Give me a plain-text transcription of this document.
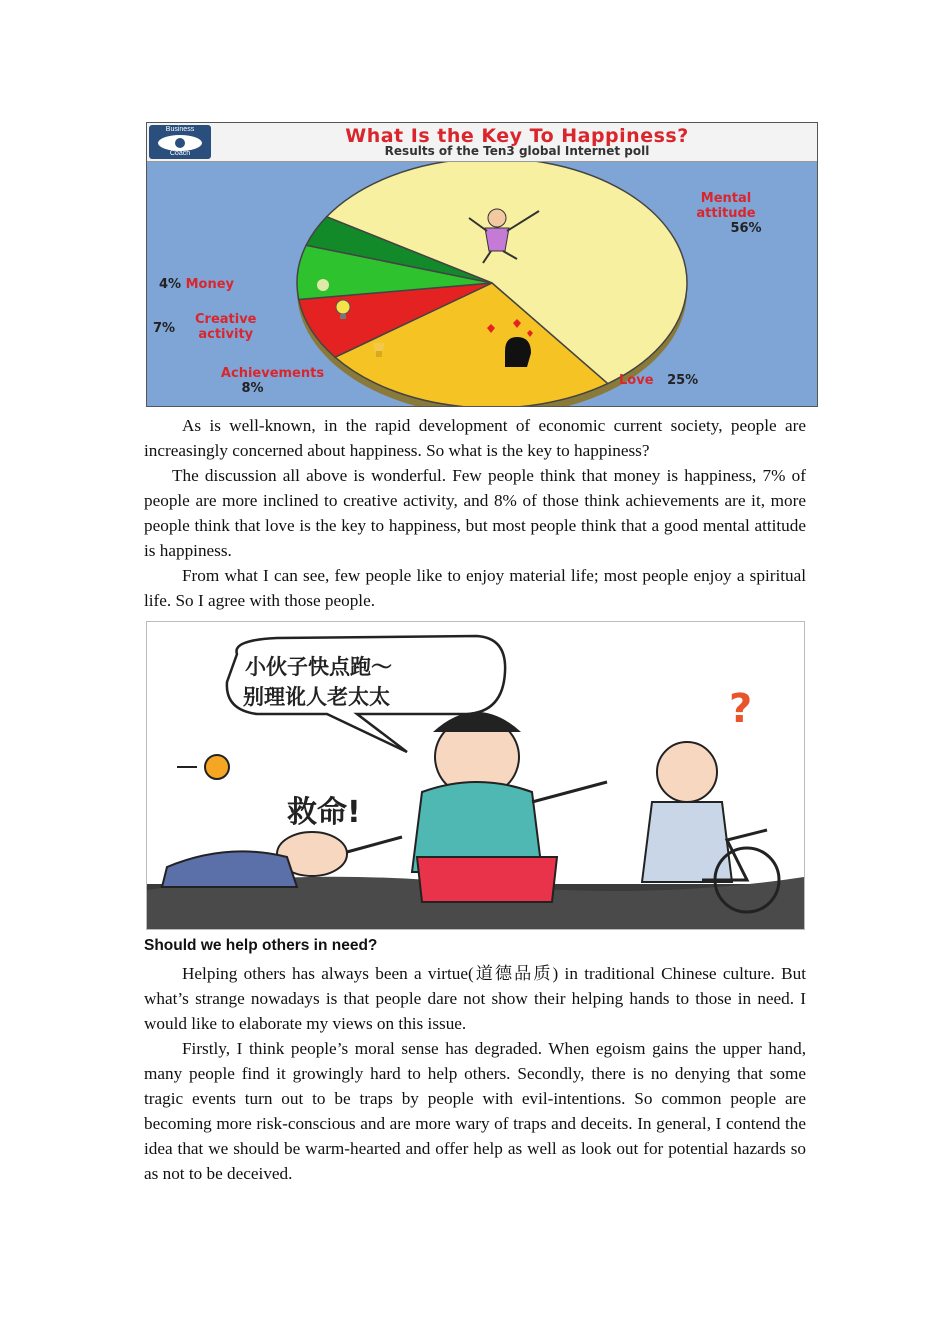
Business
Coach
What Is the Key To Happiness?
Results of the Ten3 global Internet poll
Mental
attitude
56%
Love 25%
Achievements
8%
7%
Creative
activity
4% Money

As is well-known, in the rapid development of economic current society, people are increasingly concerned about happiness. So what is the key to happiness?

The discussion all above is wonderful. Few people think that money is happiness, 7% of people are more inclined to creative activity, and 8% of those think achievements are it, more people think that love is the key to happiness, but most people think that a good mental attitude is happiness.

From what I can see, few people like to enjoy material life; most people enjoy a spiritual life. So I agree with those people.

小伙子快点跑～
别理讹人老太太
救命!
?
Should we help others in need?

Helping others has always been a virtue(道德品质) in traditional Chinese culture. But what’s strange nowadays is that people dare not show their helping hands to those in need. I would like to elaborate my views on this issue.

Firstly, I think people’s moral sense has degraded. When egoism gains the upper hand, many people find it growingly hard to help others. Secondly, there is no denying that some tragic events turn out to be traps by people with evil-intentions. So common people are becoming more risk-conscious and are more wary of traps and deceits. In general, I contend the idea that we should be warm-hearted and offer help as well as look out for potential hazards so as not to be deceived.
